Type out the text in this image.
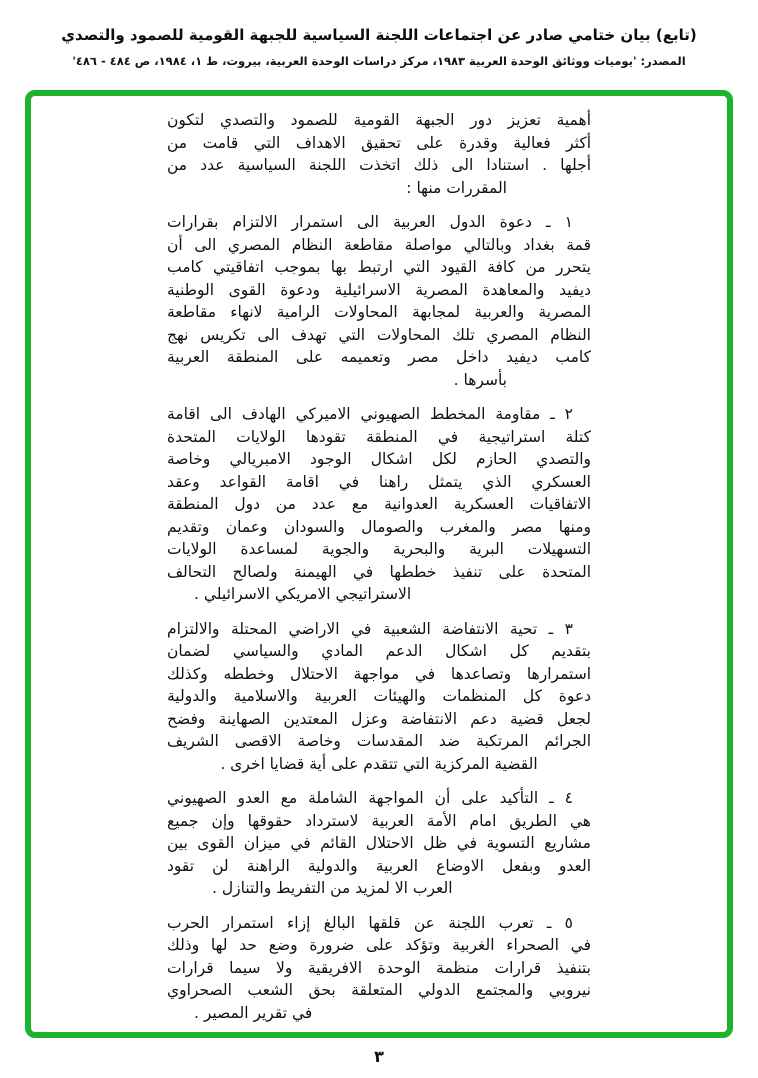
(تابع) بيان ختامي صادر عن اجتماعات اللجنة السياسية للجبهة القومية للصمود والتصدي
المصدر: 'يوميات ووثائق الوحدة العربية ١٩٨٣، مركز دراسات الوحدة العربية، بيروت، ط ١، ١٩٨٤، ص ٤٨٤ - ٤٨٦'
أهمية تعزيز دور الجبهة القومية للصمود والتصدي لتكون
أكثر فعالية وقدرة على تحقيق الاهداف التي قامت من
أجلها . استنادا الى ذلك اتخذت اللجنة السياسية عدد من
المقررات منها :
١ ـ دعوة الدول العربية الى استمرار الالتزام بقرارات
قمة بغداد وبالتالي مواصلة مقاطعة النظام المصري الى أن
يتحرر من كافة القيود التي ارتبط بها بموجب اتفاقيتي كامب
ديفيد والمعاهدة المصرية الاسرائيلية ودعوة القوى الوطنية
المصرية والعربية لمجابهة المحاولات الرامية لانهاء مقاطعة
النظام المصري تلك المحاولات التي تهدف الى تكريس نهج
كامب ديفيد داخل مصر وتعميمه على المنطقة العربية
بأسرها .
٢ ـ مقاومة المخطط الصهيوني الاميركي الهادف الى اقامة
كتلة استراتيجية في المنطقة تقودها الولايات المتحدة
والتصدي الحازم لكل اشكال الوجود الامبريالي وخاصة
العسكري الذي يتمثل راهنا في اقامة القواعد وعقد
الاتفاقيات العسكرية العدوانية مع عدد من دول المنطقة
ومنها مصر والمغرب والصومال والسودان وعمان وتقديم
التسهيلات البرية والبحرية والجوية لمساعدة الولايات
المتحدة على تنفيذ خططها في الهيمنة ولصالح التحالف
الاستراتيجي الامريكي الاسرائيلي .
٣ ـ تحية الانتفاضة الشعبية في الاراضي المحتلة والالتزام
بتقديم كل اشكال الدعم المادي والسياسي لضمان
استمرارها وتصاعدها في مواجهة الاحتلال وخططه وكذلك
دعوة كل المنظمات والهيئات العربية والاسلامية والدولية
لجعل قضية دعم الانتفاضة وعزل المعتدين الصهاينة وفضح
الجرائم المرتكبة ضد المقدسات وخاصة الاقصى الشريف
القضية المركزية التي تتقدم على أية قضايا اخرى .
٤ ـ التأكيد على أن المواجهة الشاملة مع العدو الصهيوني
هي الطريق امام الأمة العربية لاسترداد حقوقها وإن جميع
مشاريع التسوية في ظل الاحتلال القائم في ميزان القوى بين
العدو وبفعل الاوضاع العربية والدولية الراهنة لن تقود
العرب الا لمزيد من التفريط والتنازل .
٥ ـ تعرب اللجنة عن قلقها البالغ إزاء استمرار الحرب
في الصحراء الغربية وتؤكد على ضرورة وضع حد لها وذلك
بتنفيذ قرارات منظمة الوحدة الافريقية ولا سيما قرارات
نيروبي والمجتمع الدولي المتعلقة بحق الشعب الصحراوي
في تقرير المصير .
٣
